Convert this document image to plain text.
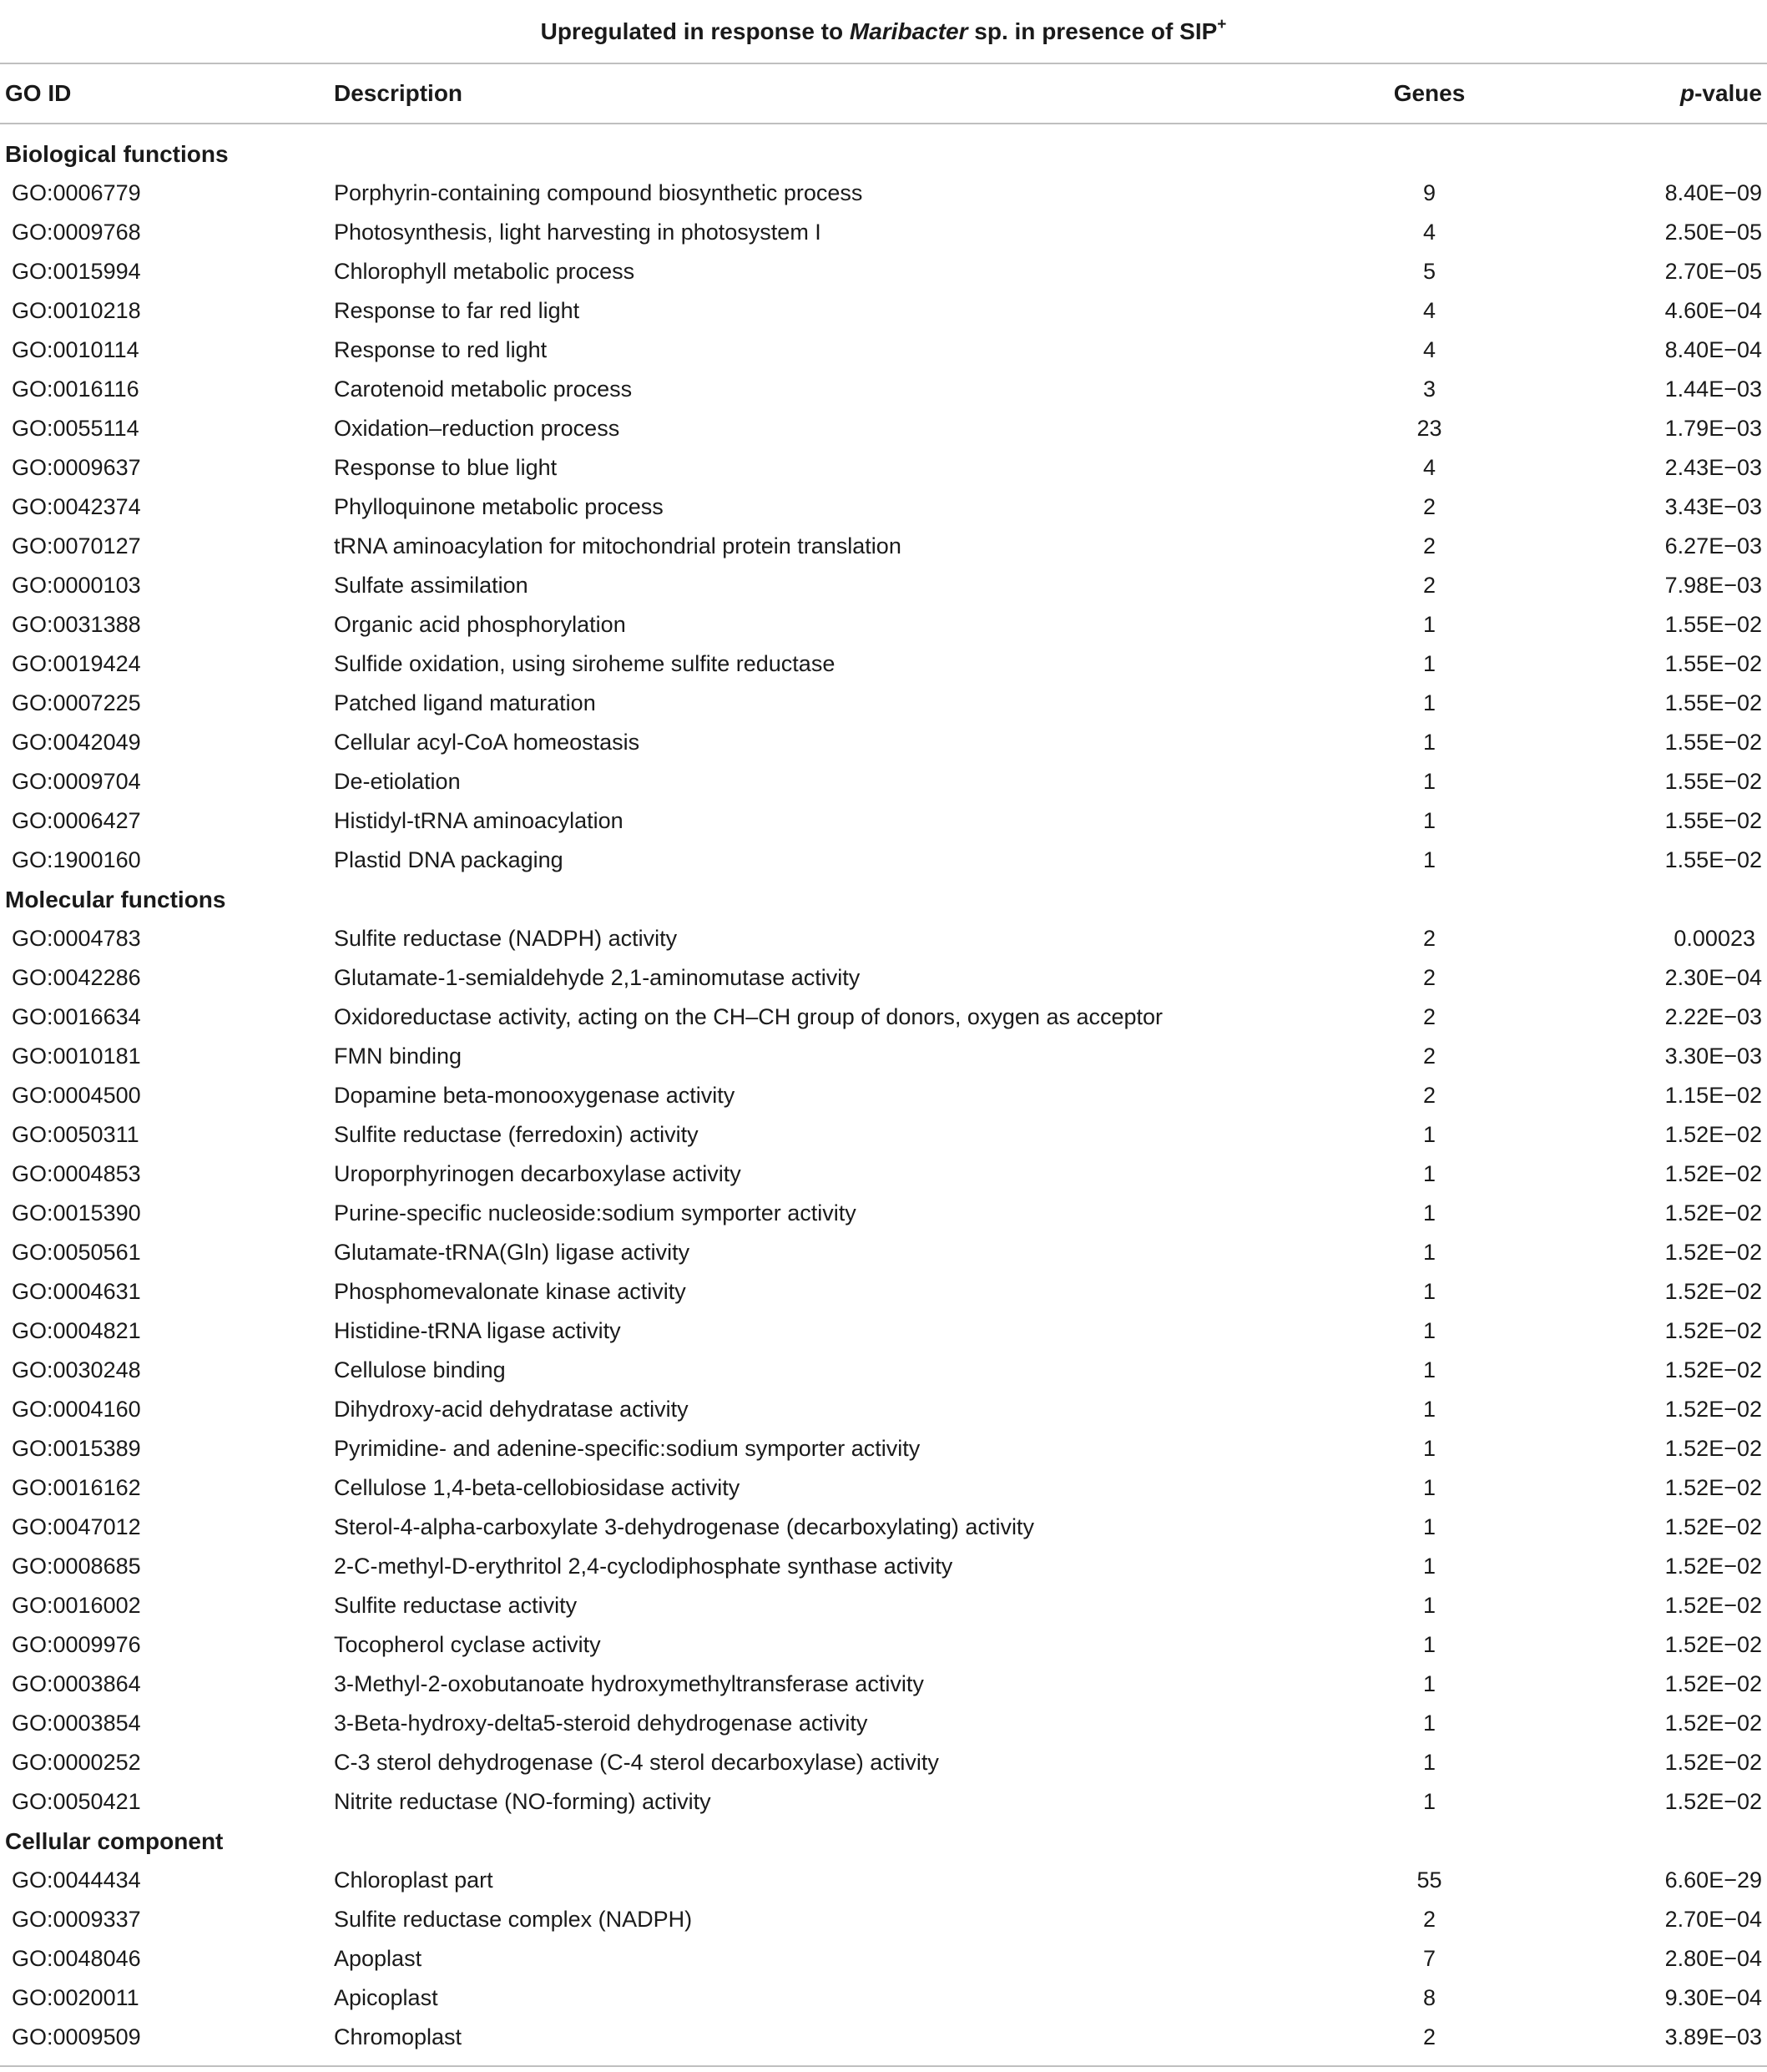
Upregulated in response to Maribacter sp. in presence of SIP+
GO ID	Description	Genes	p-value
Biological functions
GO:0006779	Porphyrin-containing compound biosynthetic process	9	8.40E−09
GO:0009768	Photosynthesis, light harvesting in photosystem I	4	2.50E−05
GO:0015994	Chlorophyll metabolic process	5	2.70E−05
GO:0010218	Response to far red light	4	4.60E−04
GO:0010114	Response to red light	4	8.40E−04
GO:0016116	Carotenoid metabolic process	3	1.44E−03
GO:0055114	Oxidation–reduction process	23	1.79E−03
GO:0009637	Response to blue light	4	2.43E−03
GO:0042374	Phylloquinone metabolic process	2	3.43E−03
GO:0070127	tRNA aminoacylation for mitochondrial protein translation	2	6.27E−03
GO:0000103	Sulfate assimilation	2	7.98E−03
GO:0031388	Organic acid phosphorylation	1	1.55E−02
GO:0019424	Sulfide oxidation, using siroheme sulfite reductase	1	1.55E−02
GO:0007225	Patched ligand maturation	1	1.55E−02
GO:0042049	Cellular acyl-CoA homeostasis	1	1.55E−02
GO:0009704	De-etiolation	1	1.55E−02
GO:0006427	Histidyl-tRNA aminoacylation	1	1.55E−02
GO:1900160	Plastid DNA packaging	1	1.55E−02
Molecular functions
GO:0004783	Sulfite reductase (NADPH) activity	2	0.00023
GO:0042286	Glutamate-1-semialdehyde 2,1-aminomutase activity	2	2.30E−04
GO:0016634	Oxidoreductase activity, acting on the CH–CH group of donors, oxygen as acceptor	2	2.22E−03
GO:0010181	FMN binding	2	3.30E−03
GO:0004500	Dopamine beta-monooxygenase activity	2	1.15E−02
GO:0050311	Sulfite reductase (ferredoxin) activity	1	1.52E−02
GO:0004853	Uroporphyrinogen decarboxylase activity	1	1.52E−02
GO:0015390	Purine-specific nucleoside:sodium symporter activity	1	1.52E−02
GO:0050561	Glutamate-tRNA(Gln) ligase activity	1	1.52E−02
GO:0004631	Phosphomevalonate kinase activity	1	1.52E−02
GO:0004821	Histidine-tRNA ligase activity	1	1.52E−02
GO:0030248	Cellulose binding	1	1.52E−02
GO:0004160	Dihydroxy-acid dehydratase activity	1	1.52E−02
GO:0015389	Pyrimidine- and adenine-specific:sodium symporter activity	1	1.52E−02
GO:0016162	Cellulose 1,4-beta-cellobiosidase activity	1	1.52E−02
GO:0047012	Sterol-4-alpha-carboxylate 3-dehydrogenase (decarboxylating) activity	1	1.52E−02
GO:0008685	2-C-methyl-D-erythritol 2,4-cyclodiphosphate synthase activity	1	1.52E−02
GO:0016002	Sulfite reductase activity	1	1.52E−02
GO:0009976	Tocopherol cyclase activity	1	1.52E−02
GO:0003864	3-Methyl-2-oxobutanoate hydroxymethyltransferase activity	1	1.52E−02
GO:0003854	3-Beta-hydroxy-delta5-steroid dehydrogenase activity	1	1.52E−02
GO:0000252	C-3 sterol dehydrogenase (C-4 sterol decarboxylase) activity	1	1.52E−02
GO:0050421	Nitrite reductase (NO-forming) activity	1	1.52E−02
Cellular component
GO:0044434	Chloroplast part	55	6.60E−29
GO:0009337	Sulfite reductase complex (NADPH)	2	2.70E−04
GO:0048046	Apoplast	7	2.80E−04
GO:0020011	Apicoplast	8	9.30E−04
GO:0009509	Chromoplast	2	3.89E−03
